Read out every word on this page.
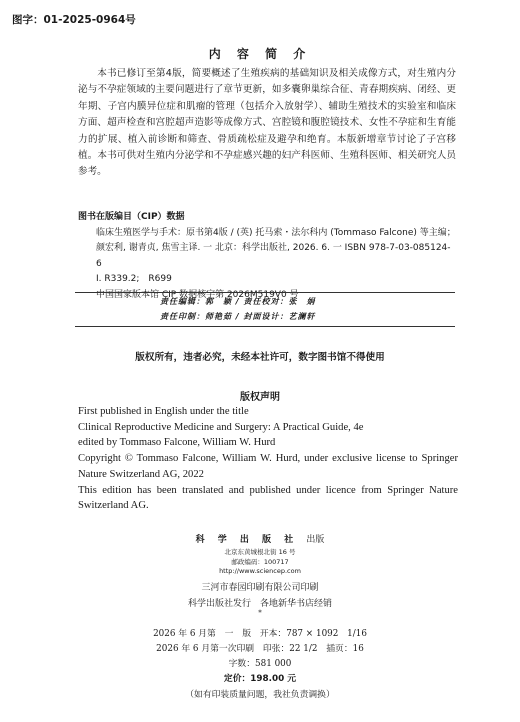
图字：01-2025-0964号
内 容 简 介

本书已修订至第4版，简要概述了生殖疾病的基础知识及相关成像方式，对生殖内分泌与不孕症领域的主要问题进行了章节更新，如多囊卵巢综合征、青春期疾病、闭经、更年期、子宫内膜异位症和肌瘤的管理（包括介入放射学）、辅助生殖技术的实验室和临床方面、超声检查和宫腔超声造影等成像方式、宫腔镜和腹腔镜技术、女性不孕症和生育能力的扩展、植入前诊断和筛查、骨质疏松症及避孕和绝育。本版新增章节讨论了子宫移植。本书可供对生殖内分泌学和不孕症感兴趣的妇产科医师、生殖科医师、相关研究人员参考。

图书在版编目（CIP）数据
临床生殖医学与手术：原书第4版 / (英) 托马索・法尔科内 (Tommaso Falcone) 等主编；颜宏利, 谢青贞, 焦雪主译. 一 北京：科学出版社, 2026. 6. 一 ISBN 978-7-03-085124-6
Ⅰ. R339.2;　R699
中国国家版本馆 CIP 数据核字第 2026M519V0 号
责任编辑：郭　颖 / 责任校对：张　娟
责任印制：师艳茹 / 封面设计：艺澜轩
版权所有，违者必究，未经本社许可，数字图书馆不得使用
版权声明
First published in English under the title
Clinical Reproductive Medicine and Surgery: A Practical Guide, 4e
edited by Tommaso Falcone, William W. Hurd
Copyright © Tommaso Falcone, William W. Hurd, under exclusive license to Springer Nature Switzerland AG, 2022
This edition has been translated and published under licence from Springer Nature Switzerland AG.
科 学 出 版 社 出版
北京东黄城根北街 16 号
邮政编码：100717
http://www.sciencep.com
三河市春园印刷有限公司印刷
科学出版社发行　各地新华书店经销
*
2026 年 6 月第　一　版　开本：787 × 1092　1/16
2026 年 6 月第一次印刷　印张：22 1/2　插页：16
字数：581 000
定价：198.00 元
（如有印装质量问题，我社负责调换）
